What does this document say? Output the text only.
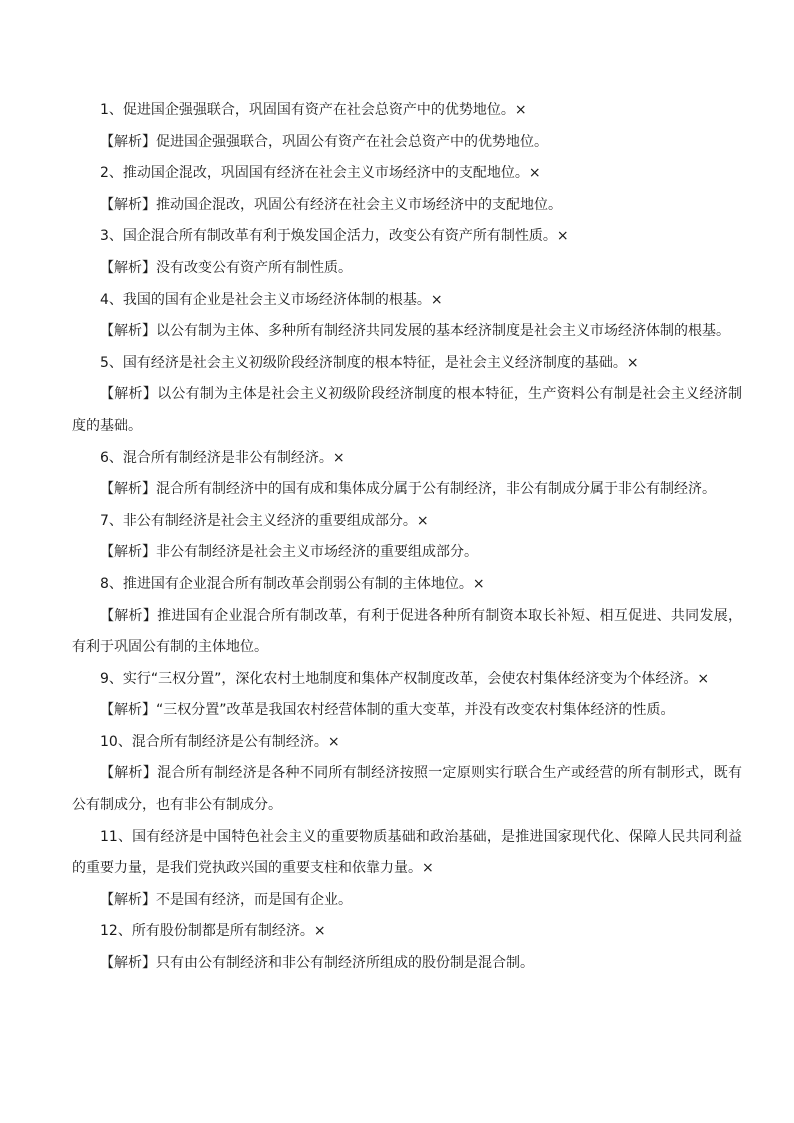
1、促进国企强强联合，巩固国有资产在社会总资产中的优势地位。×

【解析】促进国企强强联合，巩固公有资产在社会总资产中的优势地位。

2、推动国企混改，巩固国有经济在社会主义市场经济中的支配地位。×

【解析】推动国企混改，巩固公有经济在社会主义市场经济中的支配地位。

3、国企混合所有制改革有利于焕发国企活力，改变公有资产所有制性质。×

【解析】没有改变公有资产所有制性质。

4、我国的国有企业是社会主义市场经济体制的根基。×

【解析】以公有制为主体、多种所有制经济共同发展的基本经济制度是社会主义市场经济体制的根基。

5、国有经济是社会主义初级阶段经济制度的根本特征，是社会主义经济制度的基础。×

【解析】以公有制为主体是社会主义初级阶段经济制度的根本特征，生产资料公有制是社会主义经济制度的基础。

6、混合所有制经济是非公有制经济。×

【解析】混合所有制经济中的国有成和集体成分属于公有制经济，非公有制成分属于非公有制经济。

7、非公有制经济是社会主义经济的重要组成部分。×

【解析】非公有制经济是社会主义市场经济的重要组成部分。

8、推进国有企业混合所有制改革会削弱公有制的主体地位。×

【解析】推进国有企业混合所有制改革，有利于促进各种所有制资本取长补短、相互促进、共同发展，有利于巩固公有制的主体地位。

9、实行“三权分置”，深化农村土地制度和集体产权制度改革，会使农村集体经济变为个体经济。×

【解析】“三权分置”改革是我国农村经营体制的重大变革，并没有改变农村集体经济的性质。

10、混合所有制经济是公有制经济。×

【解析】混合所有制经济是各种不同所有制经济按照一定原则实行联合生产或经营的所有制形式，既有公有制成分，也有非公有制成分。

11、国有经济是中国特色社会主义的重要物质基础和政治基础，是推进国家现代化、保障人民共同利益的重要力量，是我们党执政兴国的重要支柱和依靠力量。×

【解析】不是国有经济，而是国有企业。

12、所有股份制都是所有制经济。×

【解析】只有由公有制经济和非公有制经济所组成的股份制是混合制。
